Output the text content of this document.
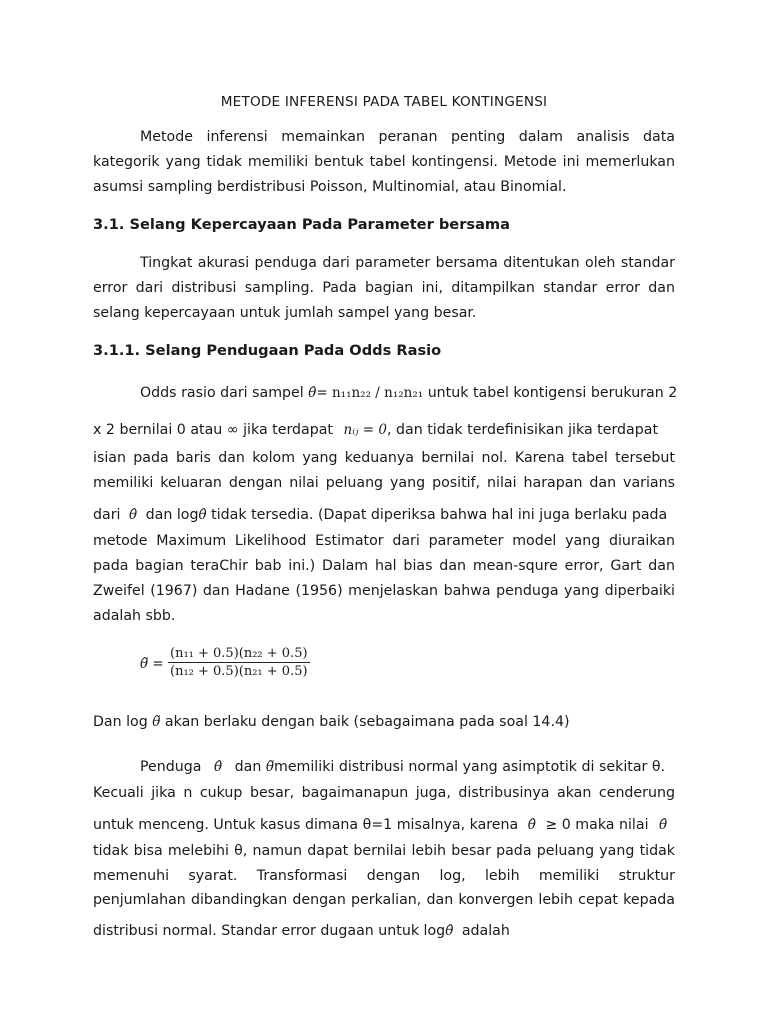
METODE INFERENSI PADA TABEL KONTINGENSI
Metode inferensi memainkan peranan penting dalam analisis data
kategorik yang tidak memiliki bentuk tabel kontingensi. Metode ini memerlukan
asumsi sampling berdistribusi Poisson, Multinomial, atau Binomial.
3.1. Selang Kepercayaan Pada Parameter bersama
Tingkat akurasi penduga dari parameter bersama ditentukan oleh standar
error dari distribusi sampling. Pada bagian ini, ditampilkan standar error dan
selang kepercayaan untuk jumlah sampel yang besar.
3.1.1. Selang Pendugaan Pada Odds Rasio
Odds rasio dari sampel θ̂= n₁₁n₂₂ / n₁₂n₂₁ untuk tabel kontigensi berukuran 2
x 2 bernilai 0 atau ∞ jika terdapat nᵢⱼ = 0, dan tidak terdefinisikan jika terdapat
isian pada baris dan kolom yang keduanya bernilai nol. Karena tabel tersebut
memiliki keluaran dengan nilai peluang yang positif, nilai harapan dan varians
dari θ̂ dan logθ̂ tidak tersedia. (Dapat diperiksa bahwa hal ini juga berlaku pada
metode Maximum Likelihood Estimator dari parameter model yang diuraikan
pada bagian teraChir bab ini.) Dalam hal bias dan mean-squre error, Gart dan
Zweifel (1967) dan Hadane (1956) menjelaskan bahwa penduga yang diperbaiki
adalah sbb.
θ̃ =
(n₁₁ + 0.5)(n₂₂ + 0.5)
(n₁₂ + 0.5)(n₂₁ + 0.5)
Dan log θ̃ akan berlaku dengan baik (sebagaimana pada soal 14.4)
Penduga θ̂ dan θ̃memiliki distribusi normal yang asimptotik di sekitar θ.
Kecuali jika n cukup besar, bagaimanapun juga, distribusinya akan cenderung
untuk menceng. Untuk kasus dimana θ=1 misalnya, karena θ̂ ≥ 0 maka nilai θ̂
tidak bisa melebihi θ, namun dapat bernilai lebih besar pada peluang yang tidak
memenuhi syarat. Transformasi dengan log, lebih memiliki struktur
penjumlahan dibandingkan dengan perkalian, dan konvergen lebih cepat kepada
distribusi normal. Standar error dugaan untuk logθ̂ adalah
